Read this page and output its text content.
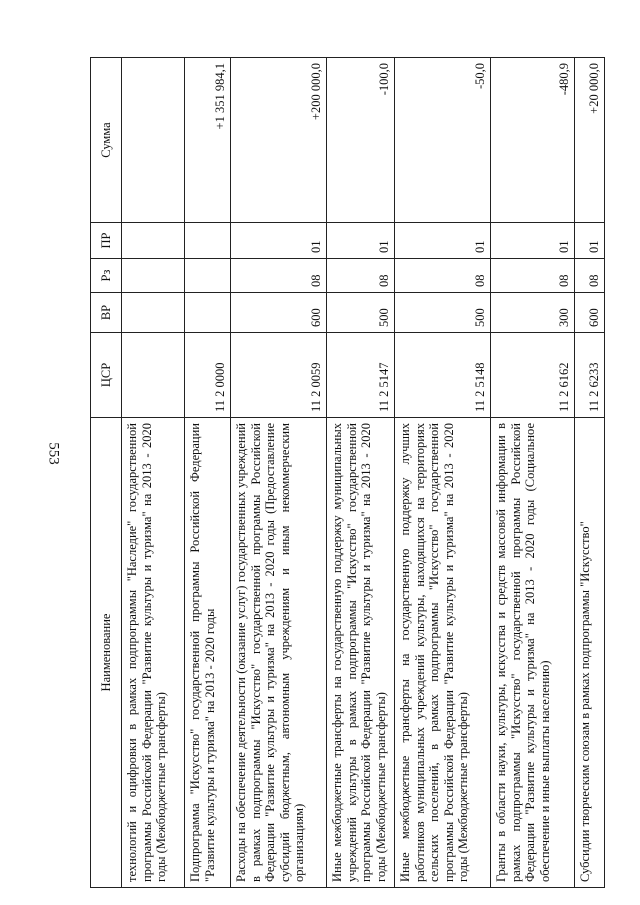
553
Наименование	ЦСР	ВР	Рз	ПР	Сумма
технологий и оцифровки в рамках подпрограммы "Наследие" государственной программы Российской Федерации "Развитие культуры и туризма" на 2013 - 2020 годы (Межбюджетные трансферты)					
Подпрограмма "Искусство" государственной программы Российской Федерации "Развитие культуры и туризма" на 2013 - 2020 годы	11 2 0000				+1 351 984,1
Расходы на обеспечение деятельности (оказание услуг) государственных учреждений в рамках подпрограммы "Искусство" государственной программы Российской Федерации "Развитие культуры и туризма" на 2013 - 2020 годы (Предоставление субсидий бюджетным, автономным учреждениям и иным некоммерческим организациям)	11 2 0059	600	08	01	+200 000,0
Иные межбюджетные трансферты на государственную поддержку муниципальных учреждений культуры в рамках подпрограммы "Искусство" государственной программы Российской Федерации "Развитие культуры и туризма" на 2013 - 2020 годы (Межбюджетные трансферты)	11 2 5147	500	08	01	-100,0
Иные межбюджетные трансферты на государственную поддержку лучших работников муниципальных учреждений культуры, находящихся на территориях сельских поселений, в рамках подпрограммы "Искусство" государственной программы Российской Федерации "Развитие культуры и туризма" на 2013 - 2020 годы (Межбюджетные трансферты)	11 2 5148	500	08	01	-50,0
Гранты в области науки, культуры, искусства и средств массовой информации в рамках подпрограммы "Искусство" государственной программы Российской Федерации "Развитие культуры и туризма" на 2013 - 2020 годы (Социальное обеспечение и иные выплаты населению)	11 2 6162	300	08	01	-480,9
Субсидии творческим союзам в рамках подпрограммы "Искусство"	11 2 6233	600	08	01	+20 000,0
